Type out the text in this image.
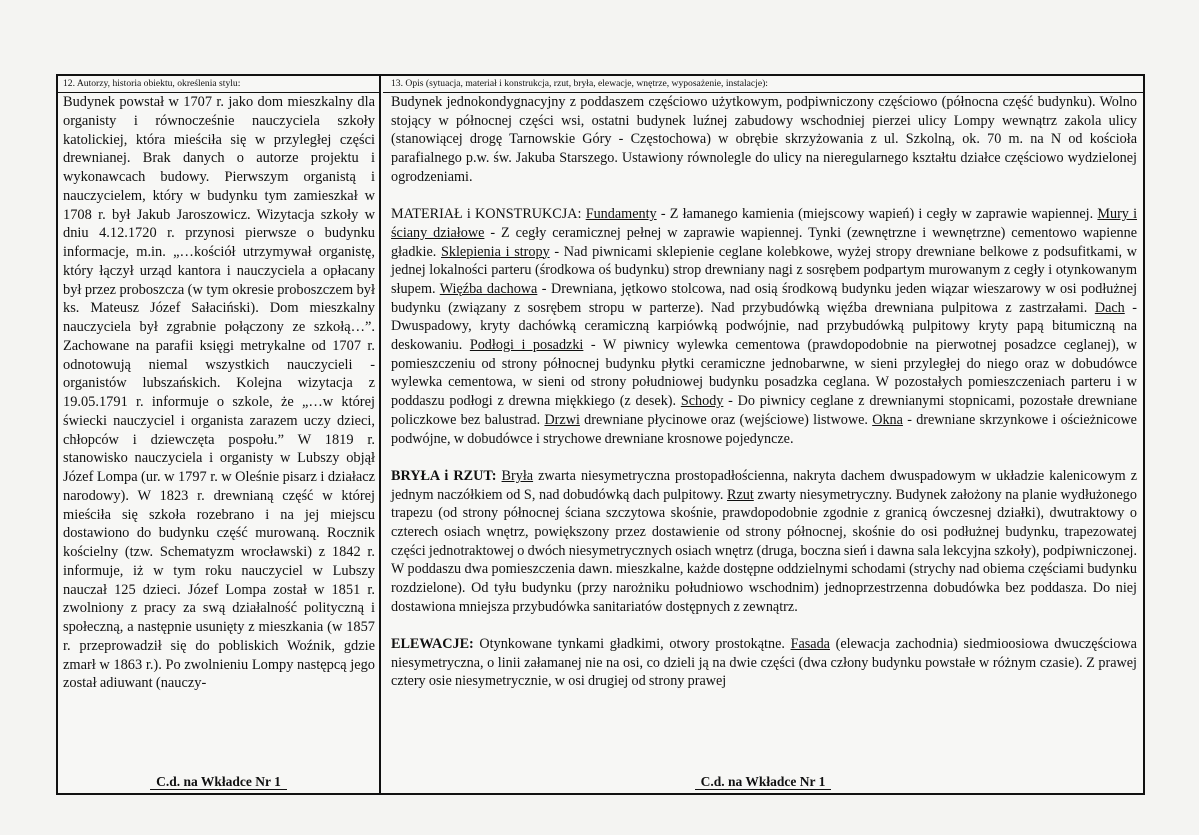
12. Autorzy, historia obiektu, określenia stylu:
Budynek powstał w 1707 r. jako dom mieszkalny dla organisty i równocześnie nauczyciela szkoły katolickiej, która mieściła się w przyległej części drewnianej. Brak danych o autorze projektu i wykonawcach budowy. Pierwszym organistą i nauczycielem, który w budynku tym zamieszkał w 1708 r. był Jakub Jaroszowicz. Wizytacja szkoły w dniu 4.12.1720 r. przynosi pierwsze o budynku informacje, m.in. „…kościół utrzymywał organistę, który łączył urząd kantora i nauczyciela a opłacany był przez proboszcza (w tym okresie proboszczem był ks. Mateusz Józef Sałaciński). Dom mieszkalny nauczyciela był zgrabnie połączony ze szkołą…”. Zachowane na parafii księgi metrykalne od 1707 r. odnotowują niemal wszystkich nauczycieli - organistów lubszańskich. Kolejna wizytacja z 19.05.1791 r. informuje o szkole, że „…w której świecki nauczyciel i organista zarazem uczy dzieci, chłopców i dziewczęta pospołu.” W 1819 r. stanowisko nauczyciela i organisty w Lubszy objął Józef Lompa (ur. w 1797 r. w Oleśnie pisarz i działacz narodowy). W 1823 r. drewnianą część w której mieściła się szkoła rozebrano i na jej miejscu dostawiono do budynku część murowaną. Rocznik kościelny (tzw. Schematyzm wrocławski) z 1842 r. informuje, iż w tym roku nauczyciel w Lubszy nauczał 125 dzieci. Józef Lompa został w 1851 r. zwolniony z pracy za swą działalność polityczną i społeczną, a następnie usunięty z mieszkania (w 1857 r. przeprowadził się do pobliskich Woźnik, gdzie zmarł w 1863 r.). Po zwolnieniu Lompy następcą jego został adiuwant (nauczy-
C.d. na Wkładce Nr 1
13. Opis (sytuacja, materiał i konstrukcja, rzut, bryła, elewacje, wnętrze, wyposażenie, instalacje):

Budynek jednokondygnacyjny z poddaszem częściowo użytkowym, podpiwniczony częściowo (północna część budynku). Wolno stojący w północnej części wsi, ostatni budynek luźnej zabudowy wschodniej pierzei ulicy Lompy wewnątrz zakola ulicy (stanowiącej drogę Tarnowskie Góry - Częstochowa) w obrębie skrzyżowania z ul. Szkolną, ok. 70 m. na N od kościoła parafialnego p.w. św. Jakuba Starszego. Ustawiony równolegle do ulicy na nieregularnego kształtu działce częściowo wydzielonej ogrodzeniami.

MATERIAŁ i KONSTRUKCJA: Fundamenty - Z łamanego kamienia (miejscowy wapień) i cegły w zaprawie wapiennej. Mury i ściany działowe - Z cegły ceramicznej pełnej w zaprawie wapiennej. Tynki (zewnętrzne i wewnętrzne) cementowo wapienne gładkie. Sklepienia i stropy - Nad piwnicami sklepienie ceglane kolebkowe, wyżej stropy drewniane belkowe z podsufitkami, w jednej lokalności parteru (środkowa oś budynku) strop drewniany nagi z sosrębem podpartym murowanym z cegły i otynkowanym słupem. Więźba dachowa - Drewniana, jętkowo stolcowa, nad osią środkową budynku jeden wiązar wieszarowy w osi podłużnej budynku (związany z sosrębem stropu w parterze). Nad przybudówką więźba drewniana pulpitowa z zastrzałami. Dach - Dwuspadowy, kryty dachówką ceramiczną karpiówką podwójnie, nad przybudówką pulpitowy kryty papą bitumiczną na deskowaniu. Podłogi i posadzki - W piwnicy wylewka cementowa (prawdopodobnie na pierwotnej posadzce ceglanej), w pomieszczeniu od strony północnej budynku płytki ceramiczne jednobarwne, w sieni przyległej do niego oraz w dobudówce wylewka cementowa, w sieni od strony południowej budynku posadzka ceglana. W pozostałych pomieszczeniach parteru i w poddaszu podłogi z drewna miękkiego (z desek). Schody - Do piwnicy ceglane z drewnianymi stopnicami, pozostałe drewniane policzkowe bez balustrad. Drzwi drewniane płycinowe oraz (wejściowe) listwowe. Okna - drewniane skrzynkowe i ościeżnicowe podwójne, w dobudówce i strychowe drewniane krosnowe pojedyncze.

BRYŁA i RZUT: Bryła zwarta niesymetryczna prostopadłościenna, nakryta dachem dwuspadowym w układzie kalenicowym z jednym naczółkiem od S, nad dobudówką dach pulpitowy. Rzut zwarty niesymetryczny. Budynek założony na planie wydłużonego trapezu (od strony północnej ściana szczytowa skośnie, prawdopodobnie zgodnie z granicą ówczesnej działki), dwutraktowy o czterech osiach wnętrz, powiększony przez dostawienie od strony północnej, skośnie do osi podłużnej budynku, trapezowatej części jednotraktowej o dwóch niesymetrycznych osiach wnętrz (druga, boczna sień i dawna sala lekcyjna szkoły), podpiwniczonej. W poddaszu dwa pomieszczenia dawn. mieszkalne, każde dostępne oddzielnymi schodami (strychy nad obiema częściami budynku rozdzielone). Od tyłu budynku (przy narożniku południowo wschodnim) jednoprzestrzenna dobudówka bez poddasza. Do niej dostawiona mniejsza przybudówka sanitariatów dostępnych z zewnątrz.

ELEWACJE: Otynkowane tynkami gładkimi, otwory prostokątne. Fasada (elewacja zachodnia) siedmioosiowa dwuczęściowa niesymetryczna, o linii załamanej nie na osi, co dzieli ją na dwie części (dwa człony budynku powstałe w różnym czasie). Z prawej cztery osie niesymetrycznie, w osi drugiej od strony prawej

C.d. na Wkładce Nr 1
